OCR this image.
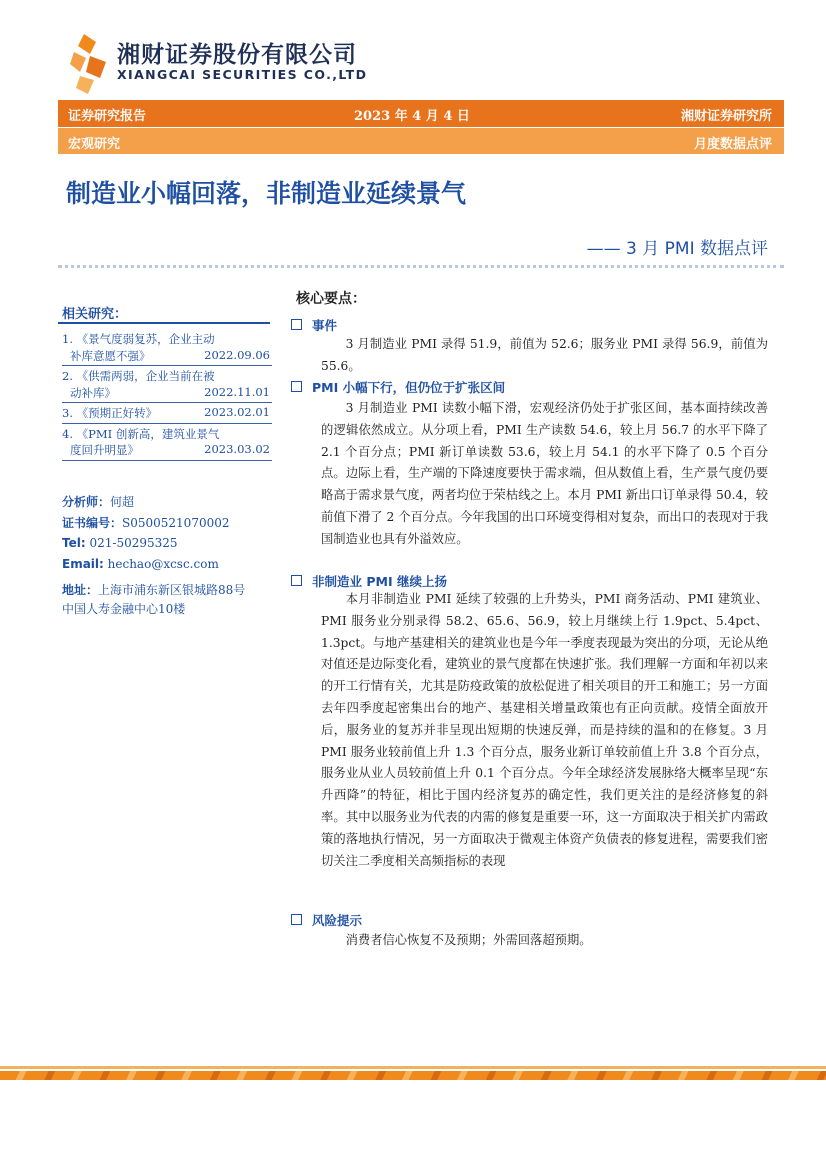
湘财证券股份有限公司
XIANGCAI SECURITIES CO.,LTD
证券研究报告	2023 年 4 月 4 日	湘财证券研究所
宏观研究	月度数据点评
制造业小幅回落，非制造业延续景气
—— 3 月 PMI 数据点评
相关研究：
1. 《景气度弱复苏，企业主动
补库意愿不强》	2022.09.06
2. 《供需两弱，企业当前在被
动补库》	2022.11.01
3. 《预期正好转》	2023.02.01
4. 《PMI 创新高，建筑业景气
度回升明显》	2023.03.02
分析师：何超
证书编号：S0500521070002
Tel: 021-50295325
Email: hechao@xcsc.com
地址：上海市浦东新区银城路88号
中国人寿金融中心10楼
核心要点：
事件
3 月制造业 PMI 录得 51.9，前值为 52.6；服务业 PMI 录得 56.9，前值为 55.6。
PMI 小幅下行，但仍位于扩张区间
3 月制造业 PMI 读数小幅下滑，宏观经济仍处于扩张区间，基本面持续改善的逻辑依然成立。从分项上看，PMI 生产读数 54.6，较上月 56.7 的水平下降了 2.1 个百分点；PMI 新订单读数 53.6，较上月 54.1 的水平下降了 0.5 个百分点。边际上看，生产端的下降速度要快于需求端，但从数值上看，生产景气度仍要略高于需求景气度，两者均位于荣枯线之上。本月 PMI 新出口订单录得 50.4，较前值下滑了 2 个百分点。今年我国的出口环境变得相对复杂，而出口的表现对于我国制造业也具有外溢效应。
非制造业 PMI 继续上扬
本月非制造业 PMI 延续了较强的上升势头，PMI 商务活动、PMI 建筑业、PMI 服务业分别录得 58.2、65.6、56.9，较上月继续上行 1.9pct、5.4pct、1.3pct。与地产基建相关的建筑业也是今年一季度表现最为突出的分项，无论从绝对值还是边际变化看，建筑业的景气度都在快速扩张。我们理解一方面和年初以来的开工行情有关，尤其是防疫政策的放松促进了相关项目的开工和施工；另一方面去年四季度起密集出台的地产、基建相关增量政策也有正向贡献。疫情全面放开后，服务业的复苏并非呈现出短期的快速反弹，而是持续的温和的在修复。3 月 PMI 服务业较前值上升 1.3 个百分点，服务业新订单较前值上升 3.8 个百分点，服务业从业人员较前值上升 0.1 个百分点。今年全球经济发展脉络大概率呈现“东升西降”的特征，相比于国内经济复苏的确定性，我们更关注的是经济修复的斜率。其中以服务业为代表的内需的修复是重要一环，这一方面取决于相关扩内需政策的落地执行情况，另一方面取决于微观主体资产负债表的修复进程，需要我们密切关注二季度相关高频指标的表现
风险提示
消费者信心恢复不及预期；外需回落超预期。
